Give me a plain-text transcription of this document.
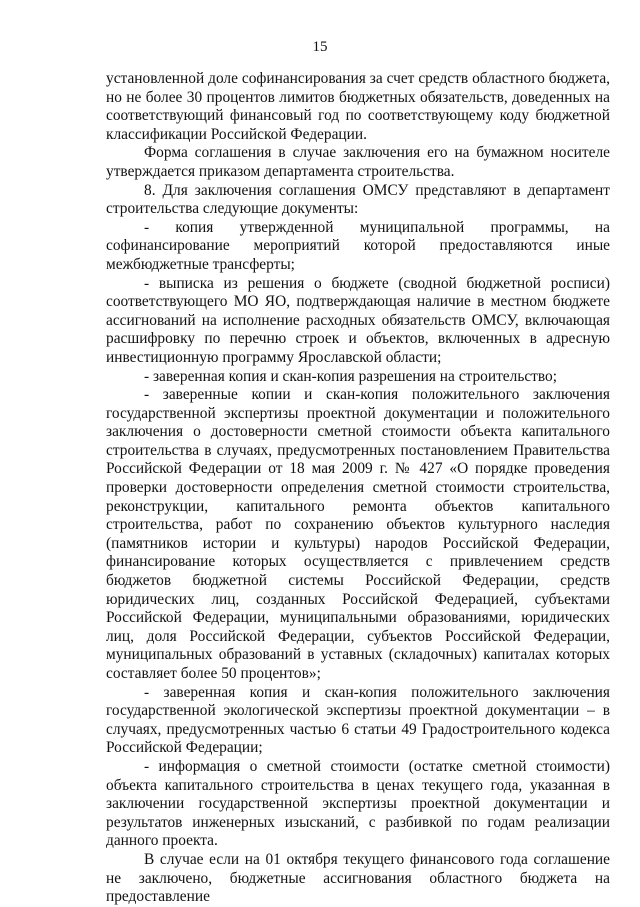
15

установленной доле софинансирования за счет средств областного бюджета, но не более 30 процентов лимитов бюджетных обязательств, доведенных на соответствующий финансовый год по соответствующему коду бюджетной классификации Российской Федерации.

Форма соглашения в случае заключения его на бумажном носителе утверждается приказом департамента строительства.

8. Для заключения соглашения ОМСУ представляют в департамент строительства следующие документы:

- копия утвержденной муниципальной программы, на софинансирование мероприятий которой предоставляются иные межбюджетные трансферты;

- выписка из решения о бюджете (сводной бюджетной росписи) соответствующего МО ЯО, подтверждающая наличие в местном бюджете ассигнований на исполнение расходных обязательств ОМСУ, включающая расшифровку по перечню строек и объектов, включенных в адресную инвестиционную программу Ярославской области;

- заверенная копия и скан-копия разрешения на строительство;

- заверенные копии и скан-копия положительного заключения государственной экспертизы проектной документации и положительного заключения о достоверности сметной стоимости объекта капитального строительства в случаях, предусмотренных постановлением Правительства Российской Федерации от 18 мая 2009 г. № 427 «О порядке проведения проверки достоверности определения сметной стоимости строительства, реконструкции, капитального ремонта объектов капитального строительства, работ по сохранению объектов культурного наследия (памятников истории и культуры) народов Российской Федерации, финансирование которых осуществляется с привлечением средств бюджетов бюджетной системы Российской Федерации, средств юридических лиц, созданных Российской Федерацией, субъектами Российской Федерации, муниципальными образованиями, юридических лиц, доля Российской Федерации, субъектов Российской Федерации, муниципальных образований в уставных (складочных) капиталах которых составляет более 50 процентов»;

- заверенная копия и скан-копия положительного заключения государственной экологической экспертизы проектной документации – в случаях, предусмотренных частью 6 статьи 49 Градостроительного кодекса Российской Федерации;

- информация о сметной стоимости (остатке сметной стоимости) объекта капитального строительства в ценах текущего года, указанная в заключении государственной экспертизы проектной документации и результатов инженерных изысканий, с разбивкой по годам реализации данного проекта.

В случае если на 01 октября текущего финансового года соглашение не заключено, бюджетные ассигнования областного бюджета на предоставление
